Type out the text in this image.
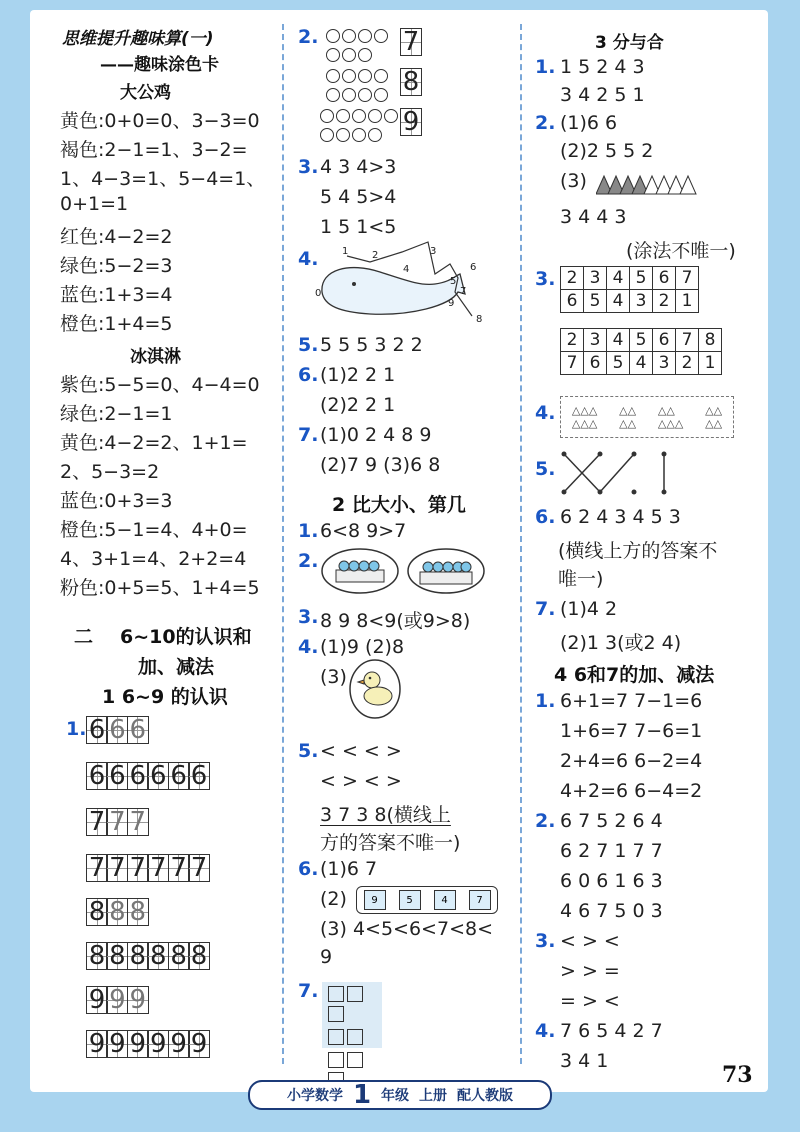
思维提升趣味算(一)
——趣味涂色卡
大公鸡
黄色:0+0=0、3−3=0
褐色:2−1=1、3−2=
1、4−3=1、5−4=1、
0+1=1
红色:4−2=2
绿色:5−2=3
蓝色:1+3=4
橙色:1+4=5
冰淇淋
紫色:5−5=0、4−4=0
绿色:2−1=1
黄色:4−2=2、1+1=
2、5−3=2
蓝色:0+3=3
橙色:5−1=4、4+0=
4、3+1=4、2+2=4
粉色:0+5=5、1+4=5
二 6~10的认识和
加、减法
1 6~9 的认识
1. 6 6 6
6 6 6 6 6 6
7 7 7
7 7 7 7 7 7
8 8 8
8 8 8 8 8 8
9 9 9
9 9 9 9 9 9
2.	7
8
9
3. 4 3 4>3
5 4 5>4
1 5 1<5
4.
0
1 2	3
4
5
6
7
8
9
5. 5 5 5 3 2 2
6. (1)2 2 1
(2)2 2 1
7. (1)0 2 4 8 9
(2)7 9 (3)6 8
2 比大小、第几
1. 6<8 9>7
2.
3. 8 9 8<9(或9>8)
4. (1)9 (2)8
(3)
5. < < < >
< > < >
3 7 3 8(横线上
方的答案不唯一)
6. (1)6 7
(2)	9	5	4	7
(3) 4<5<6<7<8<
9
7.
3 分与合
1. 1 5 2 4 3
3 4 2 5 1
2. (1)6 6
(2)2 5 5 2
(3)
3 4 4 3
(涂法不唯一)
3. 2	3	4	5	6	7
6	5	4	3	2	1
2	3	4	5	6	7	8
7	6	5	4	3	2	1
4. △△△
△△△
△△
△△
△△
△△△
△△
△△
5.
6. 6 2 4 3 4 5 3
(横线上方的答案不
唯一)
7. (1)4 2
(2)1 3(或2 4)
4 6和7的加、减法
1. 6+1=7 7−1=6
1+6=7 7−6=1
2+4=6 6−2=4
4+2=6 6−4=2
2. 6 7 5 2 6 4
6 2 7 1 7 7
6 0 6 1 6 3
4 6 7 5 0 3
3. < > <
> > =
= > <
4. 7 6 5 4 2 7
3 4 1
小学数学 1 年级 上册 配人教版
73
